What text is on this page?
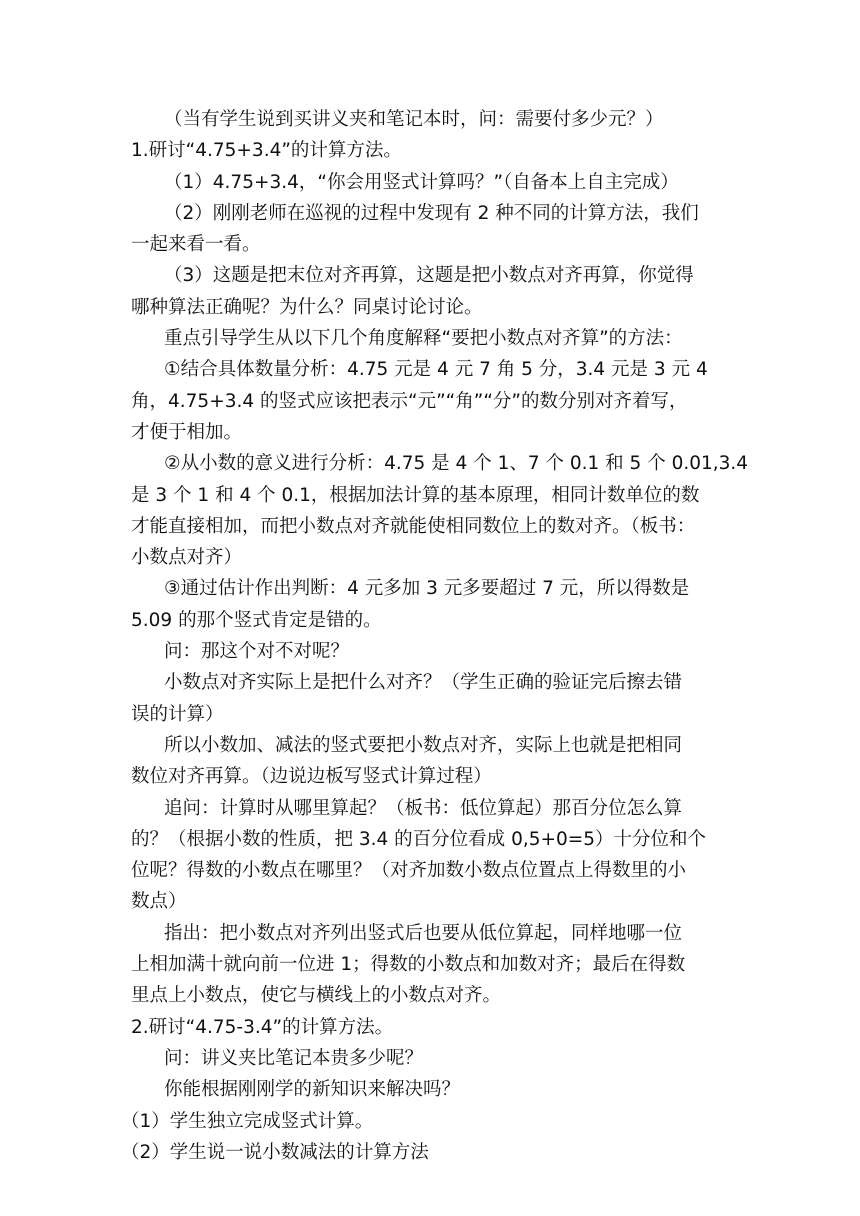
（当有学生说到买讲义夹和笔记本时，问：需要付多少元？）
1.研讨“4.75+3.4”的计算方法。
（1）4.75+3.4，“你会用竖式计算吗？”（自备本上自主完成）
（2）刚刚老师在巡视的过程中发现有 2 种不同的计算方法，我们
一起来看一看。
（3）这题是把末位对齐再算，这题是把小数点对齐再算，你觉得
哪种算法正确呢？为什么？同桌讨论讨论。
重点引导学生从以下几个角度解释“要把小数点对齐算”的方法：
①结合具体数量分析：4.75 元是 4 元 7 角 5 分，3.4 元是 3 元 4
角，4.75+3.4 的竖式应该把表示“元”“角”“分”的数分别对齐着写，
才便于相加。
②从小数的意义进行分析：4.75 是 4 个 1、7 个 0.1 和 5 个 0.01,3.4
是 3 个 1 和 4 个 0.1，根据加法计算的基本原理，相同计数单位的数
才能直接相加，而把小数点对齐就能使相同数位上的数对齐。（板书：
小数点对齐）
③通过估计作出判断：4 元多加 3 元多要超过 7 元，所以得数是
5.09 的那个竖式肯定是错的。
问：那这个对不对呢？
小数点对齐实际上是把什么对齐？（学生正确的验证完后擦去错
误的计算）
所以小数加、减法的竖式要把小数点对齐，实际上也就是把相同
数位对齐再算。（边说边板写竖式计算过程）
追问：计算时从哪里算起？（板书：低位算起）那百分位怎么算
的？（根据小数的性质，把 3.4 的百分位看成 0,5+0=5）十分位和个
位呢？得数的小数点在哪里？（对齐加数小数点位置点上得数里的小
数点）
指出：把小数点对齐列出竖式后也要从低位算起，同样地哪一位
上相加满十就向前一位进 1；得数的小数点和加数对齐；最后在得数
里点上小数点，使它与横线上的小数点对齐。
2.研讨“4.75-3.4”的计算方法。
问：讲义夹比笔记本贵多少呢？
你能根据刚刚学的新知识来解决吗？
（1）学生独立完成竖式计算。
（2）学生说一说小数减法的计算方法
